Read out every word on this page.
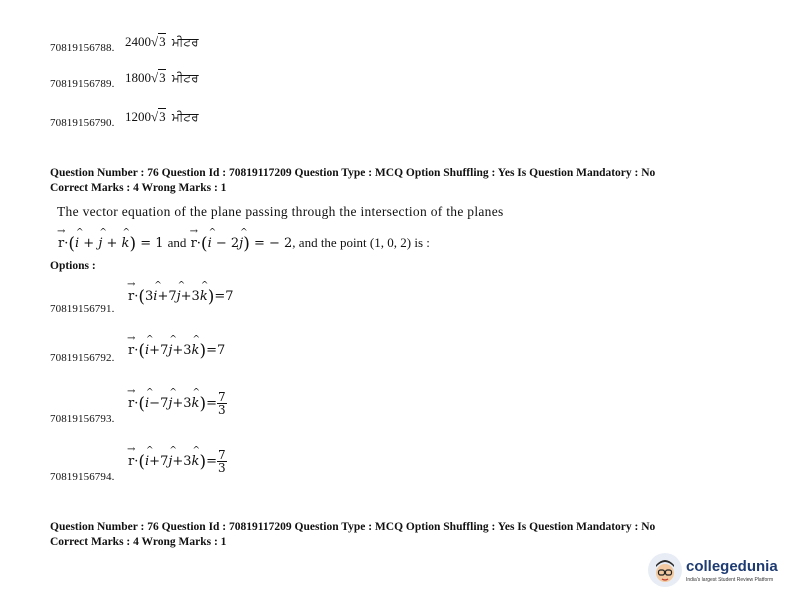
70819156788. 2400√3 ਮੀਟਰ
70819156789. 1800√3 ਮੀਟਰ
70819156790. 1200√3 ਮੀਟਰ
Question Number : 76 Question Id : 70819117209 Question Type : MCQ Option Shuffling : Yes Is Question Mandatory : No
Correct Marks : 4 Wrong Marks : 1
The vector equation of the plane passing through the intersection of the planes
→ r·(^ i + ^ j + ^ k) = 1 and → r·(^ i − 2^ j) = − 2, and the point (1, 0, 2) is :
Options :
→ r·(3^ i+7^ j+3^ k)=7
70819156791.
→ r·(^ i+7^ j+3^ k)=7
70819156792.
→ r·(^ i−7^ j+3^ $k)= \frac{7}{3}$
70819156793.
→ r·(^ i+7^ j+3^ $k)= \frac{7}{3}$
70819156794.
Question Number : 76 Question Id : 70819117209 Question Type : MCQ Option Shuffling : Yes Is Question Mandatory : No
Correct Marks : 4 Wrong Marks : 1
collegedunia
India's largest Student Review Platform
